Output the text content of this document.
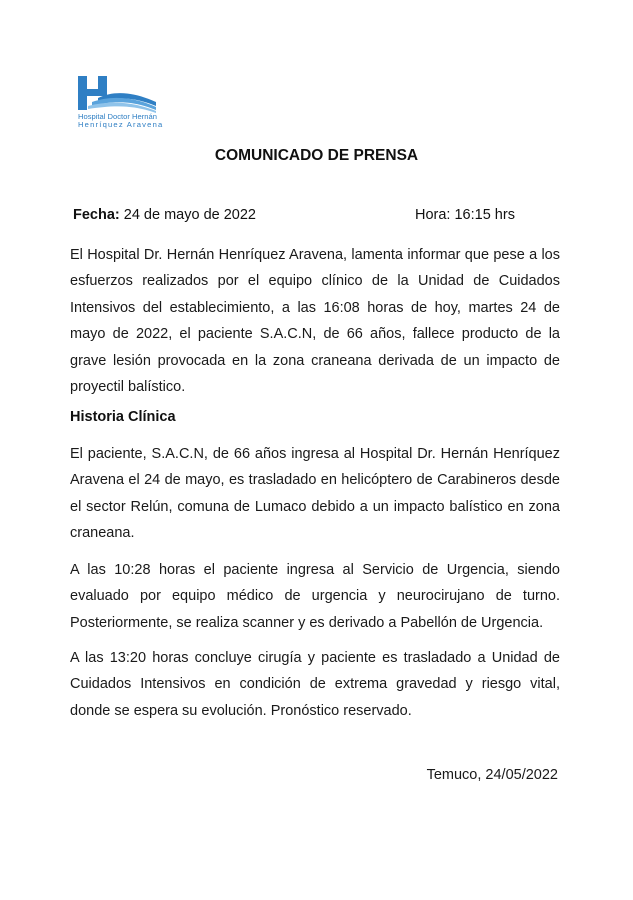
Hospital Doctor Hernán
Henríquez Aravena
COMUNICADO DE PRENSA
Fecha: 24 de mayo de 2022	Hora: 16:15 hrs
El Hospital Dr. Hernán Henríquez Aravena, lamenta informar que pese a los esfuerzos realizados por el equipo clínico de la Unidad de Cuidados Intensivos del establecimiento, a las 16:08 horas de hoy, martes 24 de mayo de 2022, el paciente S.A.C.N, de 66 años, fallece producto de la grave lesión provocada en la zona craneana derivada de un impacto de proyectil balístico.
Historia Clínica
El paciente, S.A.C.N, de 66 años ingresa al Hospital Dr. Hernán Henríquez Aravena el 24 de mayo, es trasladado en helicóptero de Carabineros desde el sector Relún, comuna de Lumaco debido a un impacto balístico en zona craneana.
A las 10:28 horas el paciente ingresa al Servicio de Urgencia, siendo evaluado por equipo médico de urgencia y neurocirujano de turno. Posteriormente, se realiza scanner y es derivado a Pabellón de Urgencia.
A las 13:20 horas concluye cirugía y paciente es trasladado a Unidad de Cuidados Intensivos en condición de extrema gravedad y riesgo vital, donde se espera su evolución. Pronóstico reservado.
Temuco, 24/05/2022
